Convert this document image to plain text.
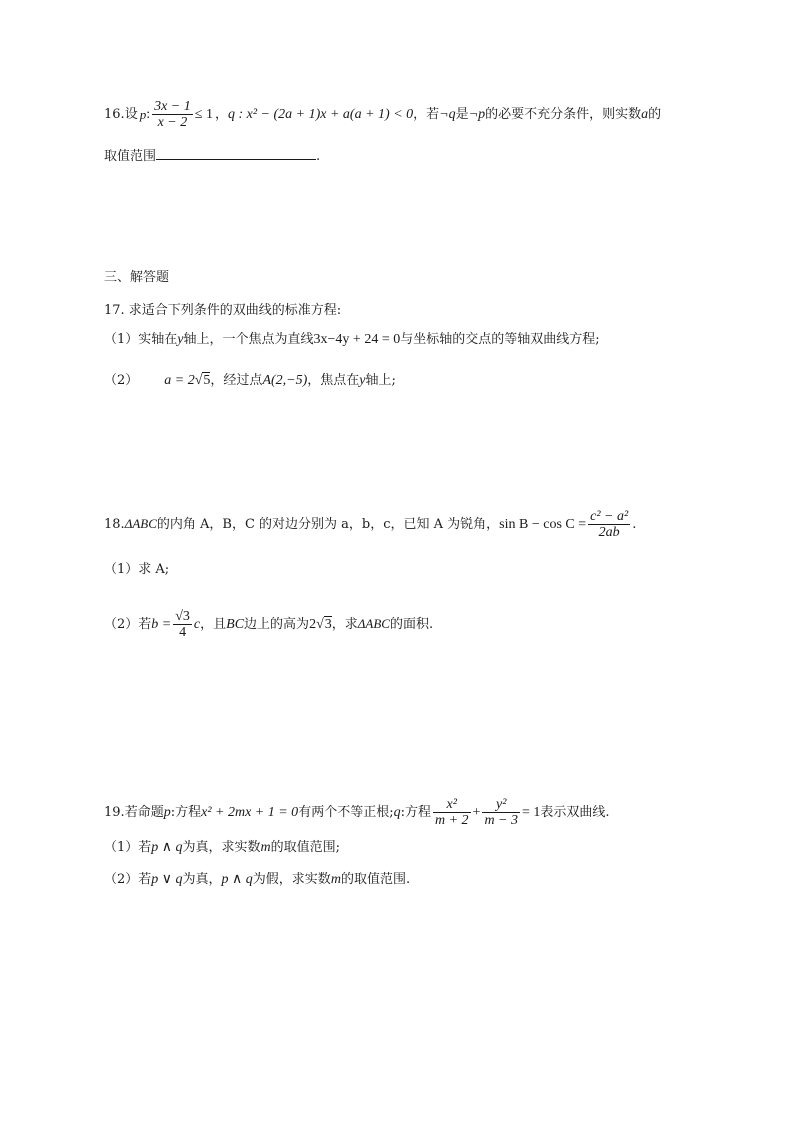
16.设 p: $\frac{3x - 1}{x - 2} \le 1$ ，q : x² − (2a + 1)x + a(a + 1) < 0，若¬q是¬p的必要不充分条件，则实数a的
取值范围	.
三、解答题
17. 求适合下列条件的双曲线的标准方程:
（1）实轴在y轴上，一个焦点为直线3x−4y + 24 = 0与坐标轴的交点的等轴双曲线方程;
（2） a = 2√5，经过点A(2,−5)，焦点在y轴上;
18.ΔABC的内角 A，B，C 的对边分别为 a，b，c，已知 A 为锐角，$\sin B - \cos C = \frac{\text{c² − a²}}{2ab}$ .
（1）求 A;
（2）若$b = \frac{√3}{4}$ c，且BC边上的高为2√3，求ΔABC的面积.
19.若命题p:方程x² + 2mx + 1 = 0有两个不等正根;q:方程 $\frac{\text{x²}}{m + 2} + \frac{\text{y²}}{m - 3} = 1$表示双曲线.
（1）若p ∧ q为真，求实数m的取值范围;
（2）若p ∨ q为真，p ∧ q为假，求实数m的取值范围.
